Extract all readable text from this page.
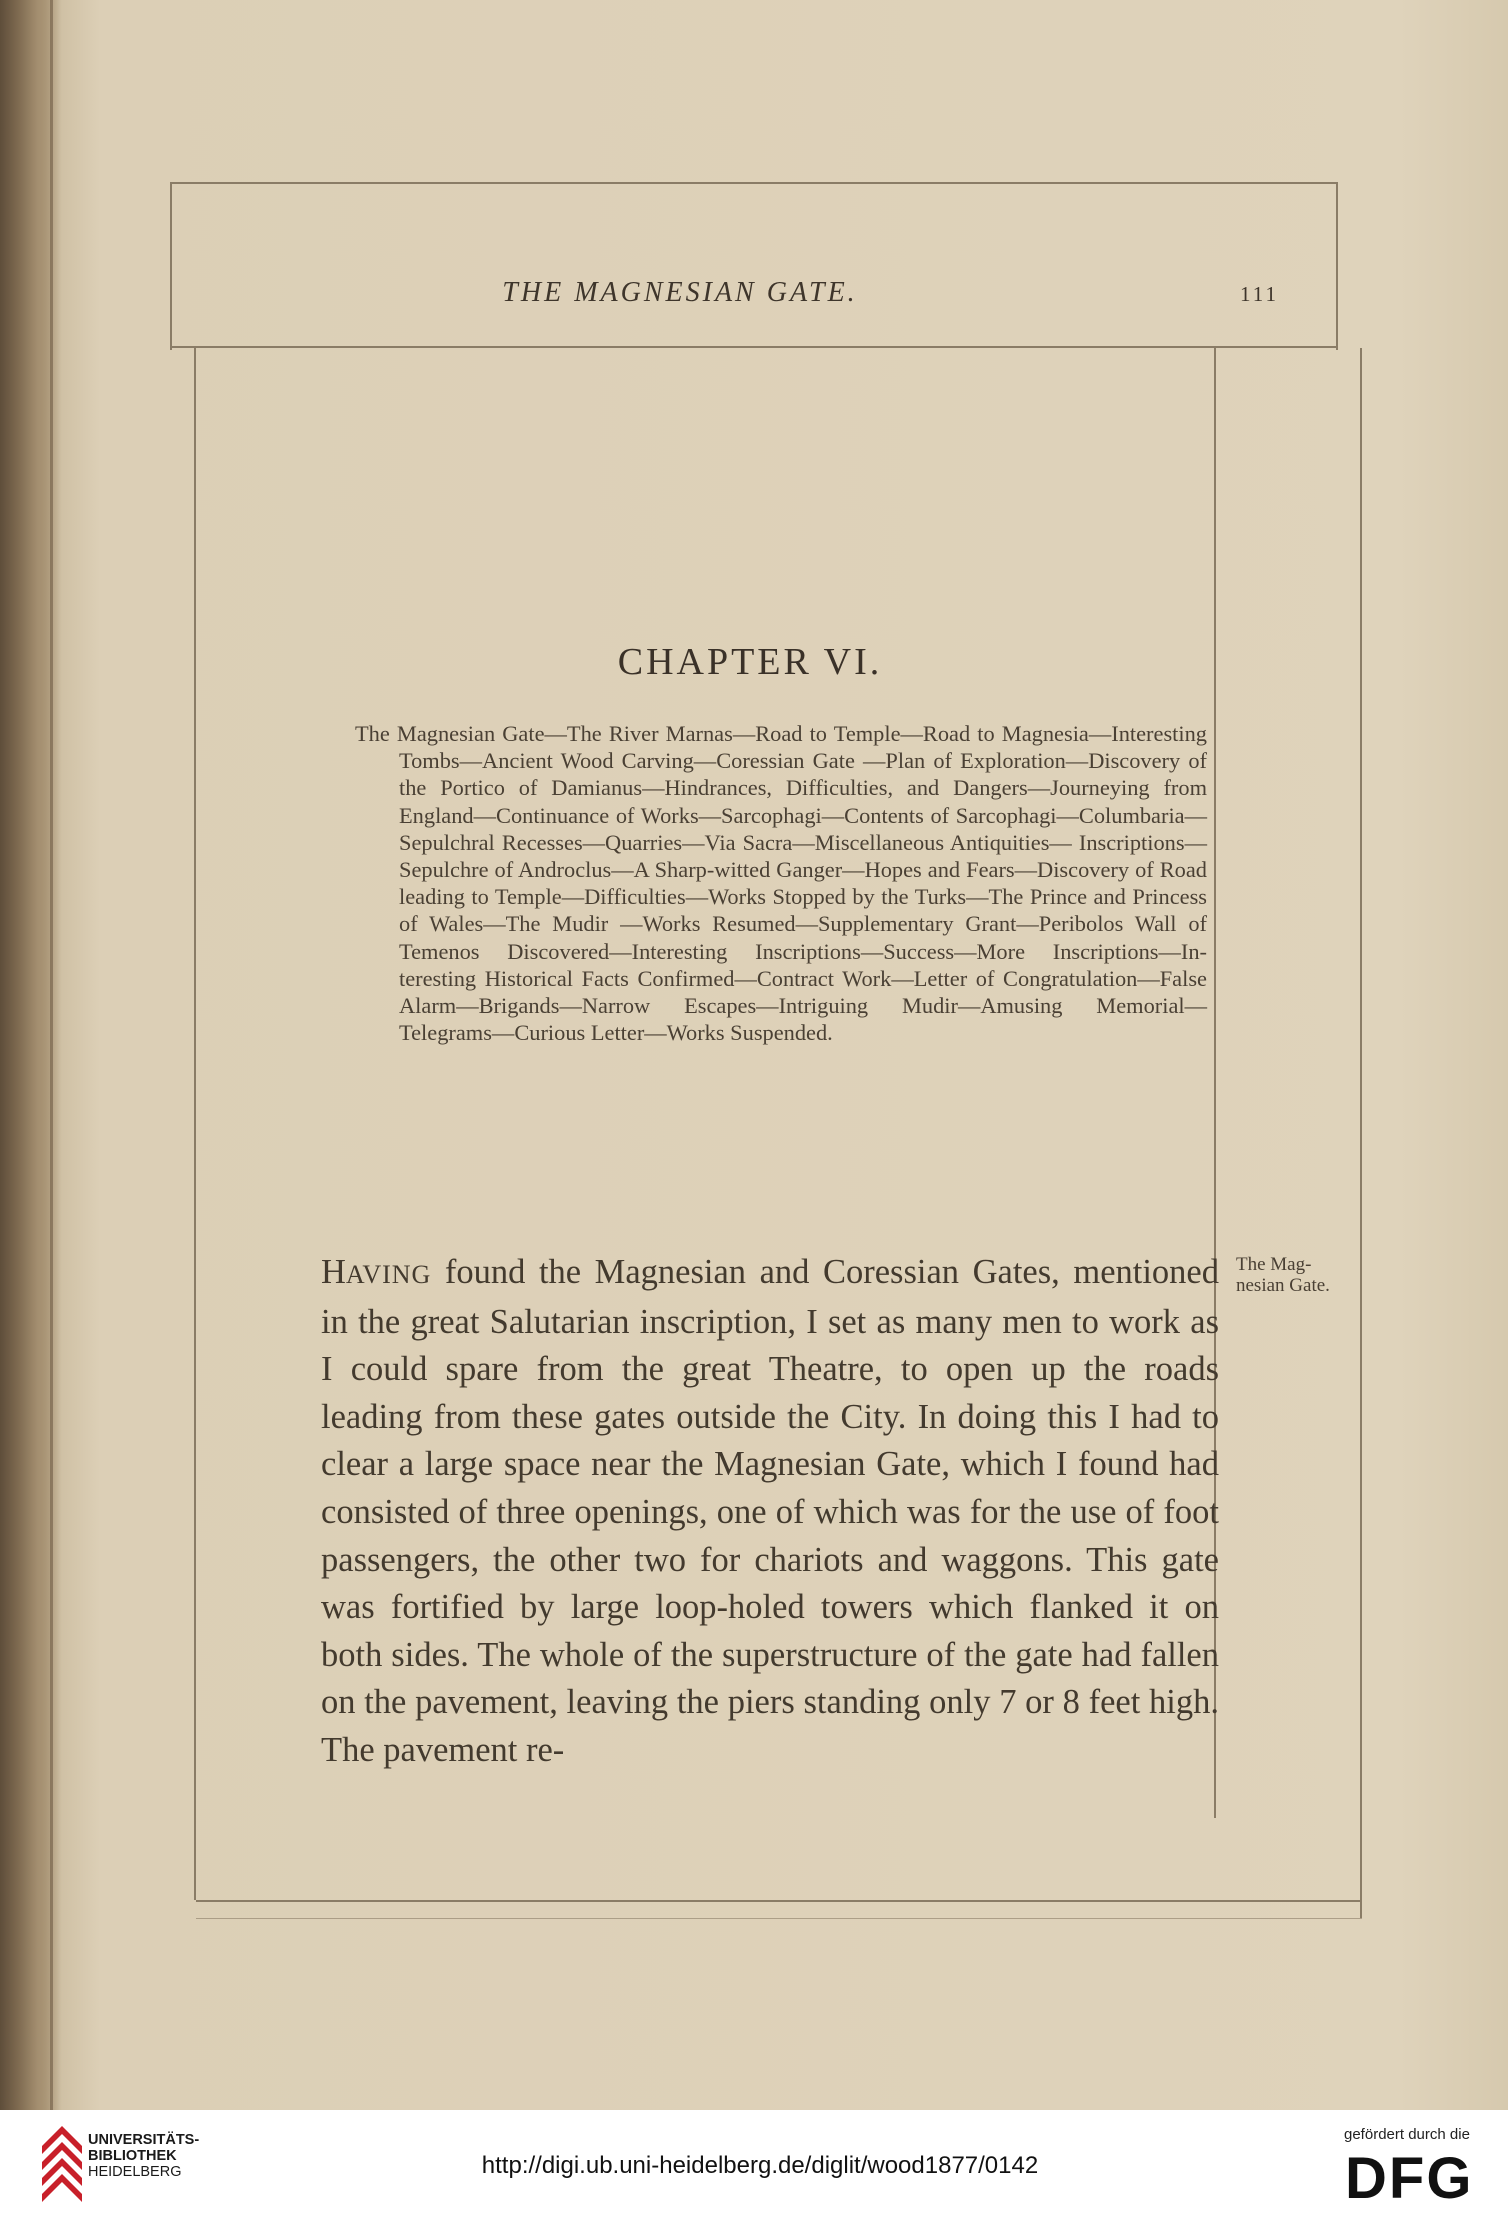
THE MAGNESIAN GATE.	111
CHAPTER VI.
The Magnesian Gate—The River Marnas—Road to Temple—Road to Magnesia—Interesting Tombs—Ancient Wood Carving—Coressian Gate —Plan of Exploration—Discovery of the Portico of Damianus—Hindrances, Difficulties, and Dangers—Journeying from England—Continuance of Works—Sarcophagi—Contents of Sarcophagi—Columbaria— Sepulchral Recesses—Quarries—Via Sacra—Miscellaneous Antiquities— Inscriptions—Sepulchre of Androclus—A Sharp-witted Ganger—Hopes and Fears—Discovery of Road leading to Temple—Difficulties—Works Stopped by the Turks—The Prince and Princess of Wales—The Mudir —Works Resumed—Supplementary Grant—Peribolos Wall of Temenos Discovered—Interesting Inscriptions—Success—More Inscriptions—Interesting Historical Facts Confirmed—Contract Work—Letter of Congratulation—False Alarm—Brigands—Narrow Escapes—Intriguing Mudir—Amusing Memorial—Telegrams—Curious Letter—Works Suspended.
HAVING found the Magnesian and Coressian Gates, mentioned in the great Salutarian inscription, I set as many men to work as I could spare from the great Theatre, to open up the roads leading from these gates outside the City. In doing this I had to clear a large space near the Magnesian Gate, which I found had consisted of three openings, one of which was for the use of foot passengers, the other two for chariots and waggons. This gate was fortified by large loop-holed towers which flanked it on both sides. The whole of the superstructure of the gate had fallen on the pavement, leaving the piers standing only 7 or 8 feet high. The pavement re-
The Magnesian Gate.
UNIVERSITÄTS-
BIBLIOTHEK
HEIDELBERG	http://digi.ub.uni-heidelberg.de/diglit/wood1877/0142
gefördert durch die
DFG
